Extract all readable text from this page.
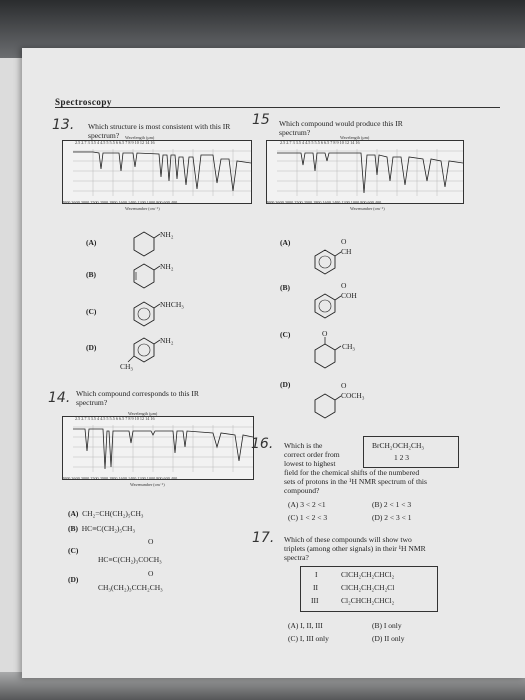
Spectroscopy
13. Which structure is most consistent with this IR
spectrum?
2.5 2.7 3 3.5 4 4.5 5 5.5 6 6.5 7 8 9 10 12 14 16
4000 3600 3000 2500 2000 1800 1600 1400 1200 1000 800 600 400
Wavenumber (cm⁻¹)
Wavelength (μm)
(A)
(B)
(C)
(D)
NH₂
NH₂
NHCH₃
NH₂
CH₃
15 Which compound would produce this IR
spectrum?
2.5 2.7 3 3.5 4 4.5 5 5.5 6 6.5 7 8 9 10 12 14 16
4000 3600 3000 2500 2000 1800 1600 1400 1200 1000 800 600 400
Wavenumber (cm⁻¹)
Wavelength (μm)
(A)
(B)
(C)
(D)
O
CH
O
COH
O
CH₃
O
COCH₃
14. Which compound corresponds to this IR
spectrum?
2.5 2.7 3 3.5 4 4.5 5 5.5 6 6.5 7 8 9 10 12 14 16
4000 3600 3000 2500 2000 1800 1600 1400 1200 1000 800 600 400
Wavenumber (cm⁻¹)
Wavelength (μm)
(A) CH₂=CH(CH₂)₅CH₃
(B) HC≡C(CH₂)₅CH₃
O
(C)
HC≡C(CH₂)₃COCH₃
O
(D)
CH₃(CH₂)₃CCH₂CH₃
16. Which is the
correct order from
lowest to highest
field for the chemical shifts of the numbered
sets of protons in the ¹H NMR spectrum of this
compound?
BrCH₂OCH₂CH₃
1 2 3
(A) 3 < 2 <1	(B) 2 < 1 < 3
(C) 1 < 2 < 3	(D) 2 < 3 < 1
17. Which of these compounds will show two
triplets (among other signals) in their ¹H NMR
spectra?
I	ClCH₂CH₂CHCl₂
II	ClCH₂CH₂CH₂Cl
III	Cl₂CHCH₂CHCl₂
(A) I, II, III	(B) I only
(C) I, III only	(D) II only
